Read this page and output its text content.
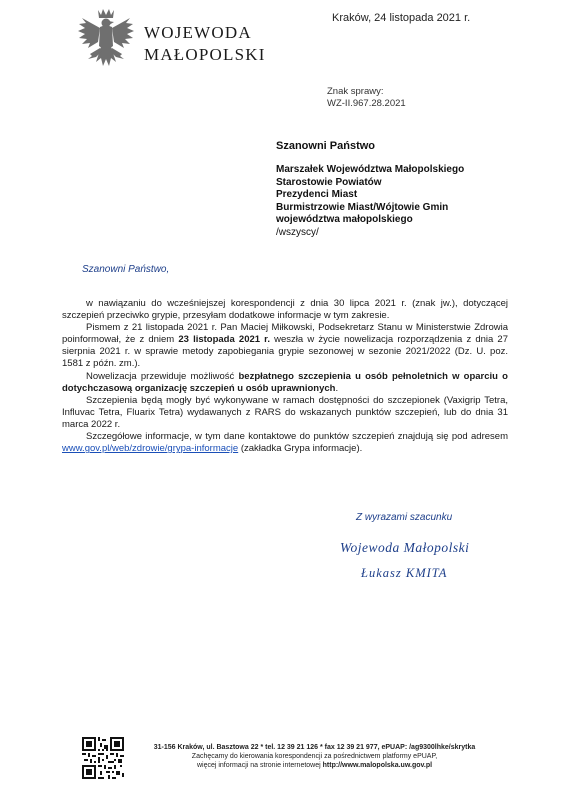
WOJEWODA
MAŁOPOLSKI
Kraków, 24 listopada 2021 r.
Znak sprawy:
WZ-II.967.28.2021
Szanowni Państwo
Marszałek Województwa Małopolskiego
Starostowie Powiatów
Prezydenci Miast
Burmistrzowie Miast/Wójtowie Gmin
województwa małopolskiego
/wszyscy/
Szanowni Państwo,

w nawiązaniu do wcześniejszej korespondencji z dnia 30 lipca 2021 r. (znak jw.), dotyczącej szczepień przeciwko grypie, przesyłam dodatkowe informacje w tym zakresie.

Pismem z 21 listopada 2021 r. Pan Maciej Miłkowski, Podsekretarz Stanu w Ministerstwie Zdrowia poinformował, że z dniem 23 listopada 2021 r. weszła w życie nowelizacja rozporządzenia z dnia 27 sierpnia 2021 r. w sprawie metody zapobiegania grypie sezonowej w sezonie 2021/2022 (Dz. U. poz. 1581 z późn. zm.).

Nowelizacja przewiduje możliwość bezpłatnego szczepienia u osób pełnoletnich w oparciu o dotychczasową organizację szczepień u osób uprawnionych.

Szczepienia będą mogły być wykonywane w ramach dostępności do szczepionek (Vaxigrip Tetra, Influvac Tetra, Fluarix Tetra) wydawanych z RARS do wskazanych punktów szczepień, lub do dnia 31 marca 2022 r.

Szczegółowe informacje, w tym dane kontaktowe do punktów szczepień znajdują się pod adresem www.gov.pl/web/zdrowie/grypa-informacje (zakładka Grypa informacje).

Z wyrazami szacunku
Wojewoda Małopolski
Łukasz KMITA
31-156 Kraków, ul. Basztowa 22 * tel. 12 39 21 126 * fax 12 39 21 977, ePUAP: /ag9300lhke/skrytka
Zachęcamy do kierowania korespondencji za pośrednictwem platformy ePUAP,
więcej informacji na stronie internetowej http://www.malopolska.uw.gov.pl
